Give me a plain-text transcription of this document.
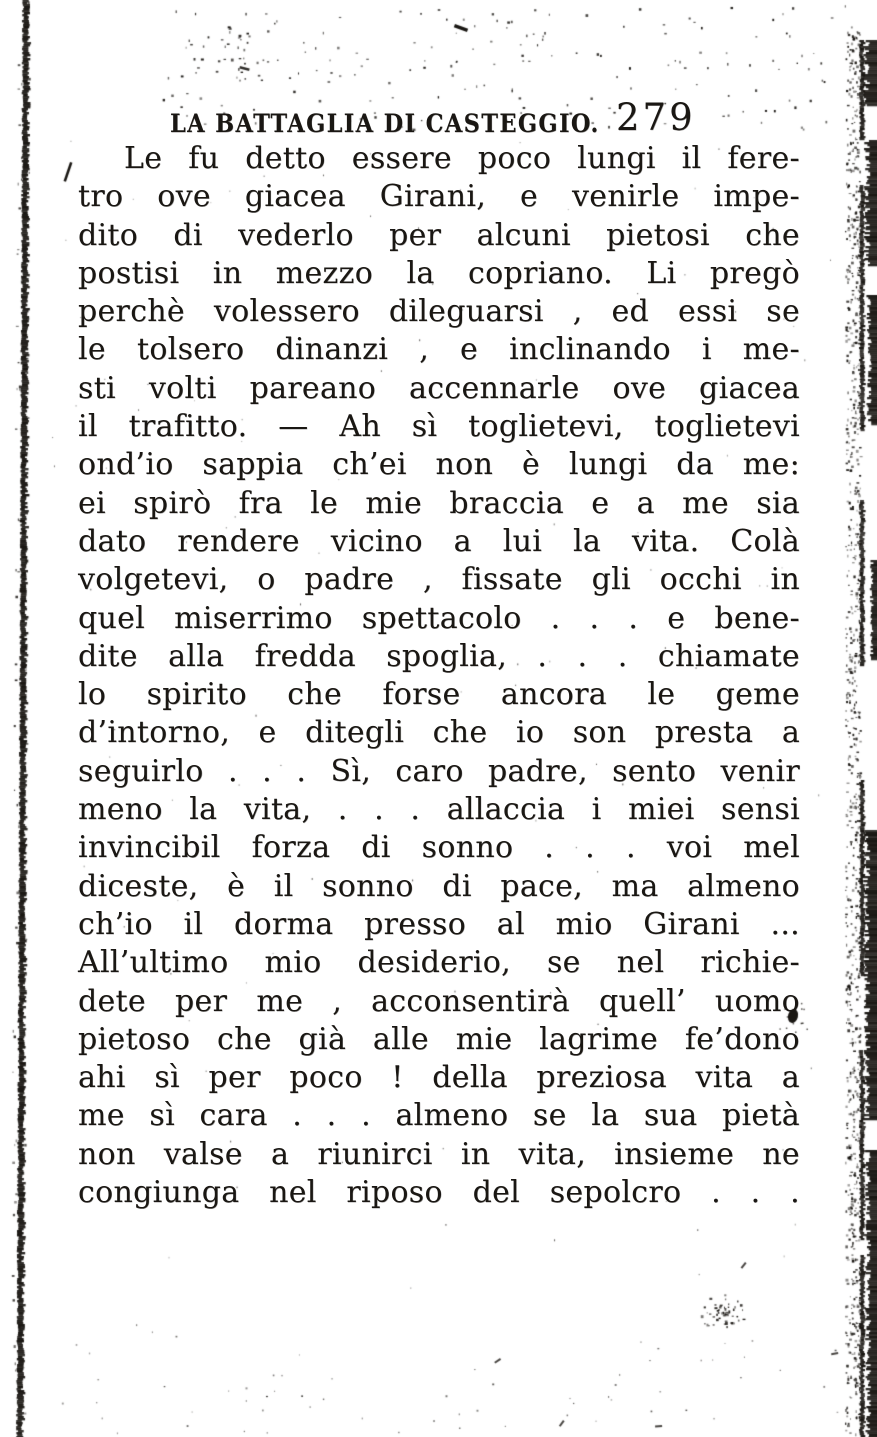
LA BATTAGLIA DI CASTEGGIO. 279
Le fu detto essere poco lungi il fere-
tro ove giacea Girani, e venirle impe-
dito di vederlo per alcuni pietosi che
postisi in mezzo la copriano. Li pregò
perchè volessero dileguarsi , ed essi se
le tolsero dinanzi , e inclinando i me-
sti volti pareano accennarle ove giacea
il trafitto. — Ah sì toglietevi, toglietevi
ond’io sappia ch’ei non è lungi da me:
ei spirò fra le mie braccia e a me sia
dato rendere vicino a lui la vita. Colà
volgetevi, o padre , fissate gli occhi in
quel miserrimo spettacolo . . . e bene-
dite alla fredda spoglia, . . . chiamate
lo spirito che forse ancora le geme
d’intorno, e ditegli che io son presta a
seguirlo . . . Sì, caro padre, sento venir
meno la vita, . . . allaccia i miei sensi
invincibil forza di sonno . . . voi mel
diceste, è il sonno di pace, ma almeno
ch’io il dorma presso al mio Girani ...
All’ultimo mio desiderio, se nel richie-
dete per me , acconsentirà quell’ uomo
pietoso che già alle mie lagrime fe’dono
ahi sì per poco ! della preziosa vita a
me sì cara . . . almeno se la sua pietà
non valse a riunirci in vita, insieme ne
congiunga nel riposo del sepolcro . . .
